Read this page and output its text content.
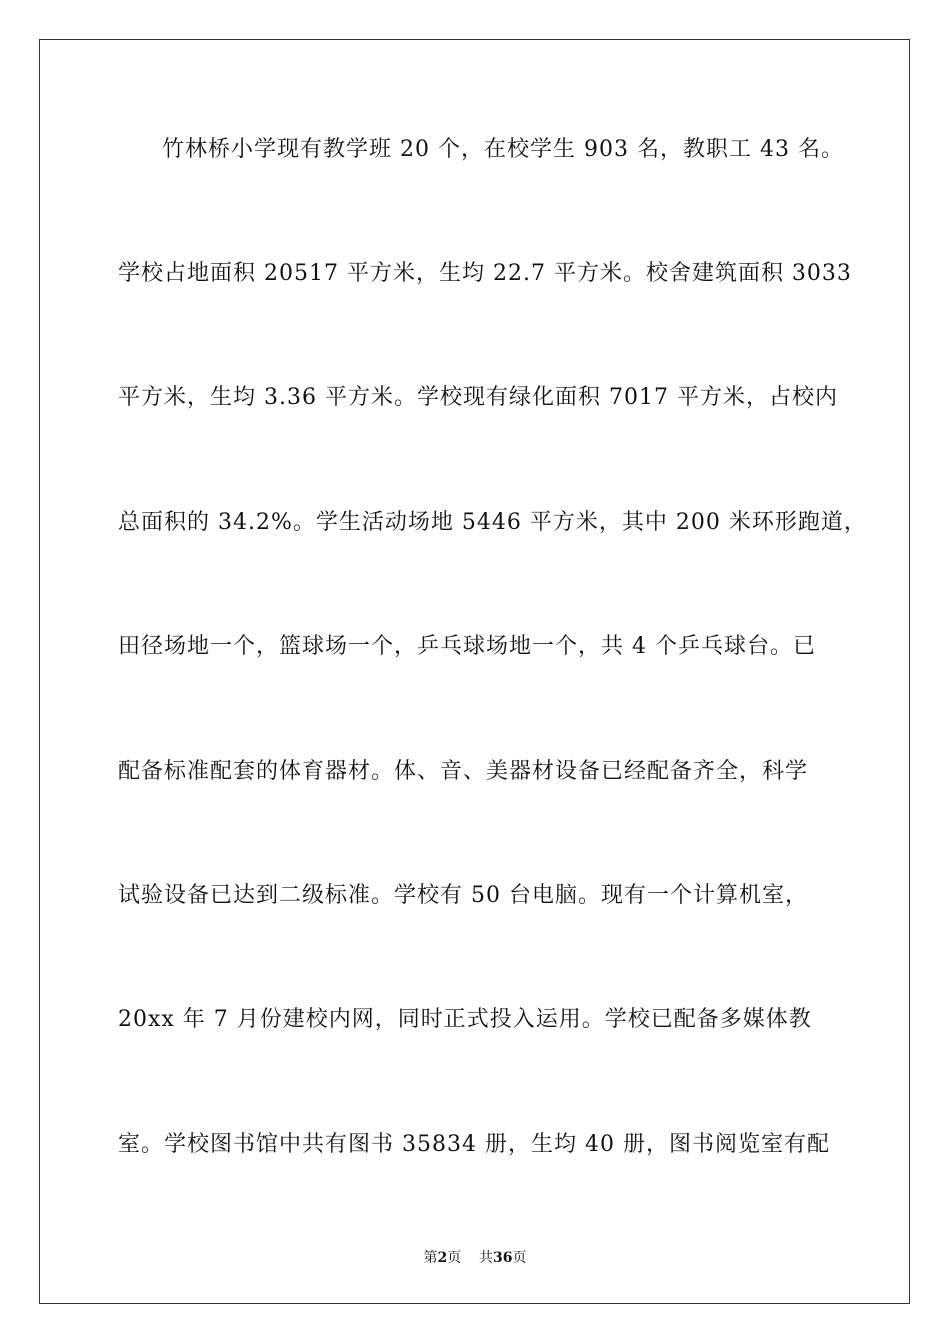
竹林桥小学现有教学班 20 个，在校学生 903 名，教职工 43 名。
学校占地面积 20517 平方米，生均 22.7 平方米。校舍建筑面积 3033
平方米，生均 3.36 平方米。学校现有绿化面积 7017 平方米，占校内
总面积的 34.2%。学生活动场地 5446 平方米，其中 200 米环形跑道，
田径场地一个，篮球场一个，乒乓球场地一个，共 4 个乒乓球台。已
配备标准配套的体育器材。体、音、美器材设备已经配备齐全，科学
试验设备已达到二级标准。学校有 50 台电脑。现有一个计算机室，
20xx 年 7 月份建校内网，同时正式投入运用。学校已配备多媒体教
室。学校图书馆中共有图书 35834 册，生均 40 册，图书阅览室有配
第2页 共36页
